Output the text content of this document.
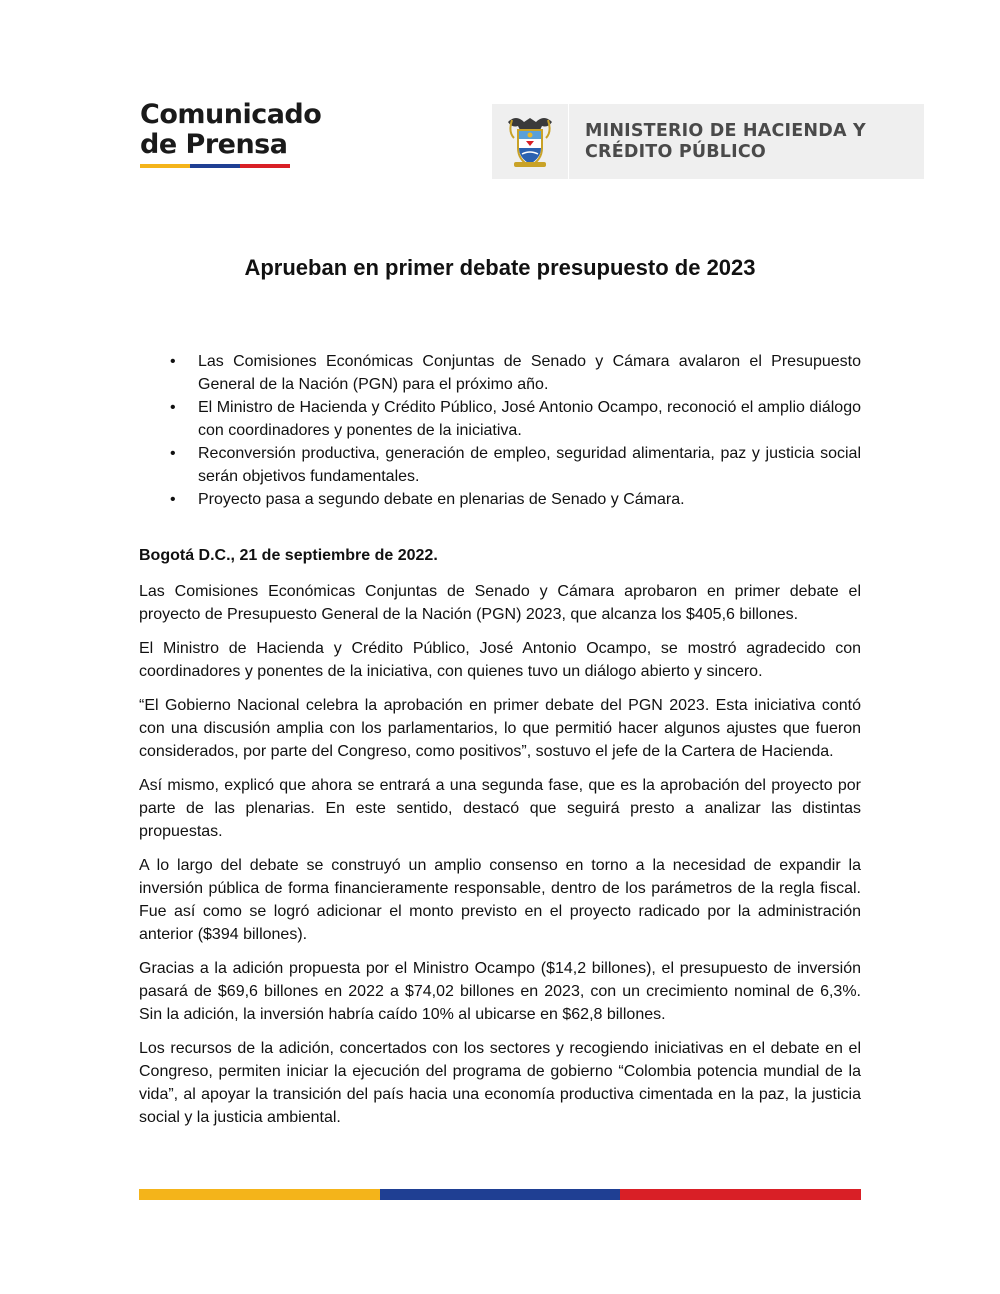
Comunicado
de Prensa	MINISTERIO DE HACIENDA Y
CRÉDITO PÚBLICO
Aprueban en primer debate presupuesto de 2023
• Las Comisiones Económicas Conjuntas de Senado y Cámara avalaron el Presupuesto General de la Nación (PGN) para el próximo año.
• El Ministro de Hacienda y Crédito Público, José Antonio Ocampo, reconoció el amplio diálogo con coordinadores y ponentes de la iniciativa.
• Reconversión productiva, generación de empleo, seguridad alimentaria, paz y justicia social serán objetivos fundamentales.
• Proyecto pasa a segundo debate en plenarias de Senado y Cámara.
Bogotá D.C., 21 de septiembre de 2022.

Las Comisiones Económicas Conjuntas de Senado y Cámara aprobaron en primer debate el proyecto de Presupuesto General de la Nación (PGN) 2023, que alcanza los $405,6 billones.

El Ministro de Hacienda y Crédito Público, José Antonio Ocampo, se mostró agradecido con coordinadores y ponentes de la iniciativa, con quienes tuvo un diálogo abierto y sincero.

“El Gobierno Nacional celebra la aprobación en primer debate del PGN 2023. Esta iniciativa contó con una discusión amplia con los parlamentarios, lo que permitió hacer algunos ajustes que fueron considerados, por parte del Congreso, como positivos”, sostuvo el jefe de la Cartera de Hacienda.

Así mismo, explicó que ahora se entrará a una segunda fase, que es la aprobación del proyecto por parte de las plenarias. En este sentido, destacó que seguirá presto a analizar las distintas propuestas.

A lo largo del debate se construyó un amplio consenso en torno a la necesidad de expandir la inversión pública de forma financieramente responsable, dentro de los parámetros de la regla fiscal. Fue así como se logró adicionar el monto previsto en el proyecto radicado por la administración anterior ($394 billones).

Gracias a la adición propuesta por el Ministro Ocampo ($14,2 billones), el presupuesto de inversión pasará de $69,6 billones en 2022 a $74,02 billones en 2023, con un crecimiento nominal de 6,3%. Sin la adición, la inversión habría caído 10% al ubicarse en $62,8 billones.

Los recursos de la adición, concertados con los sectores y recogiendo iniciativas en el debate en el Congreso, permiten iniciar la ejecución del programa de gobierno “Colombia potencia mundial de la vida”, al apoyar la transición del país hacia una economía productiva cimentada en la paz, la justicia social y la justicia ambiental.
